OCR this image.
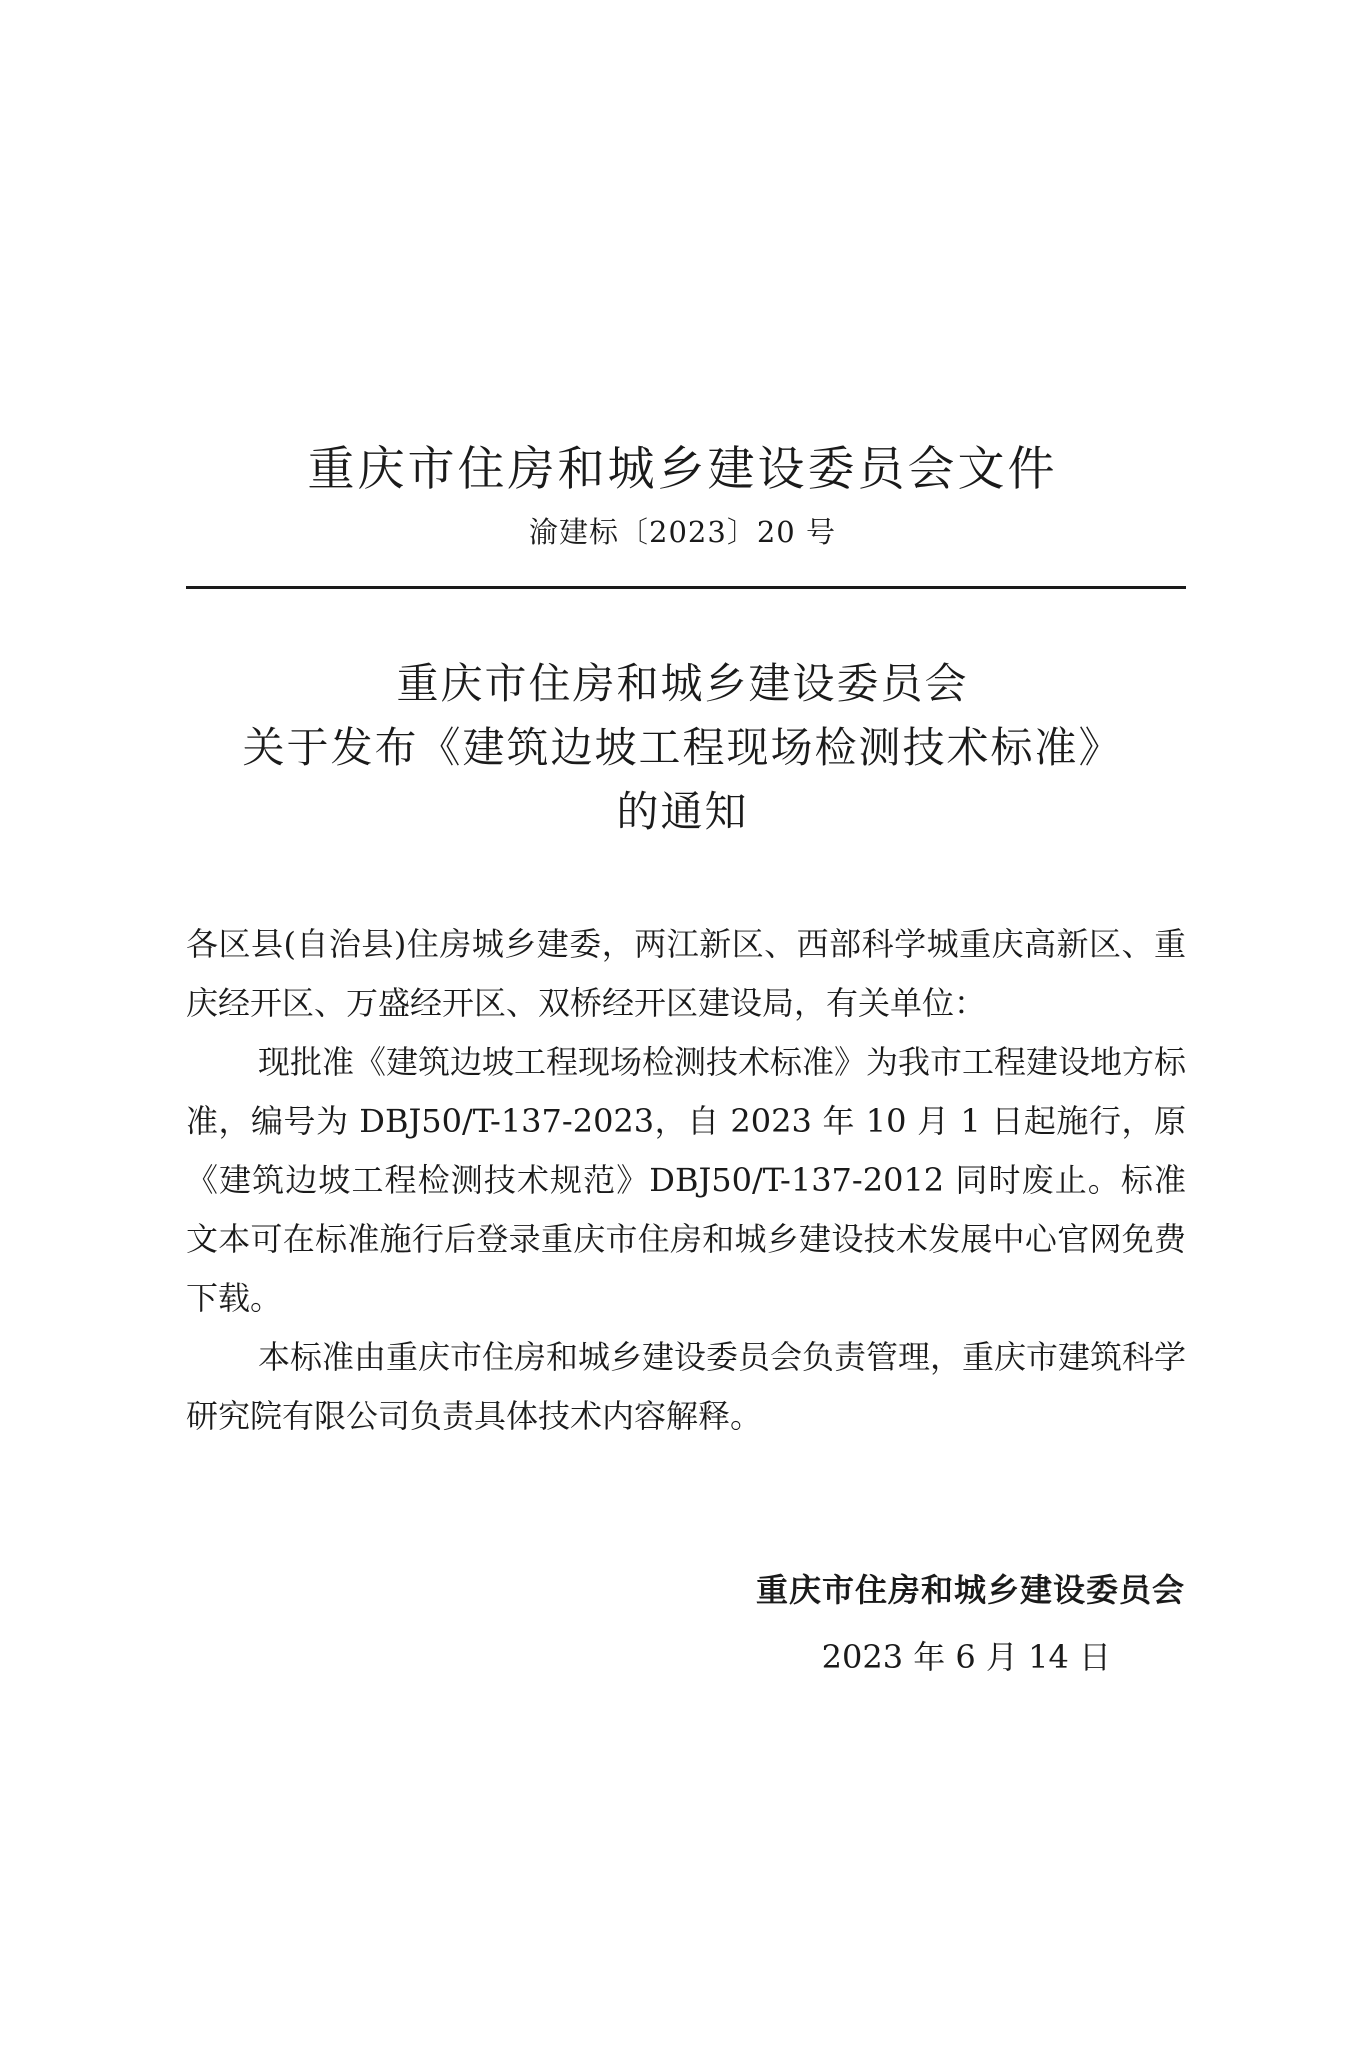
重庆市住房和城乡建设委员会文件
渝建标〔2023〕20 号
重庆市住房和城乡建设委员会
关于发布《建筑边坡工程现场检测技术标准》
的通知

各区县(自治县)住房城乡建委，两江新区、西部科学城重庆高新区、重庆经开区、万盛经开区、双桥经开区建设局，有关单位：

现批准《建筑边坡工程现场检测技术标准》为我市工程建设地方标准，编号为 DBJ50/T-137-2023，自 2023 年 10 月 1 日起施行，原《建筑边坡工程检测技术规范》DBJ50/T-137-2012 同时废止。标准文本可在标准施行后登录重庆市住房和城乡建设技术发展中心官网免费下载。

本标准由重庆市住房和城乡建设委员会负责管理，重庆市建筑科学研究院有限公司负责具体技术内容解释。

重庆市住房和城乡建设委员会
2023 年 6 月 14 日
